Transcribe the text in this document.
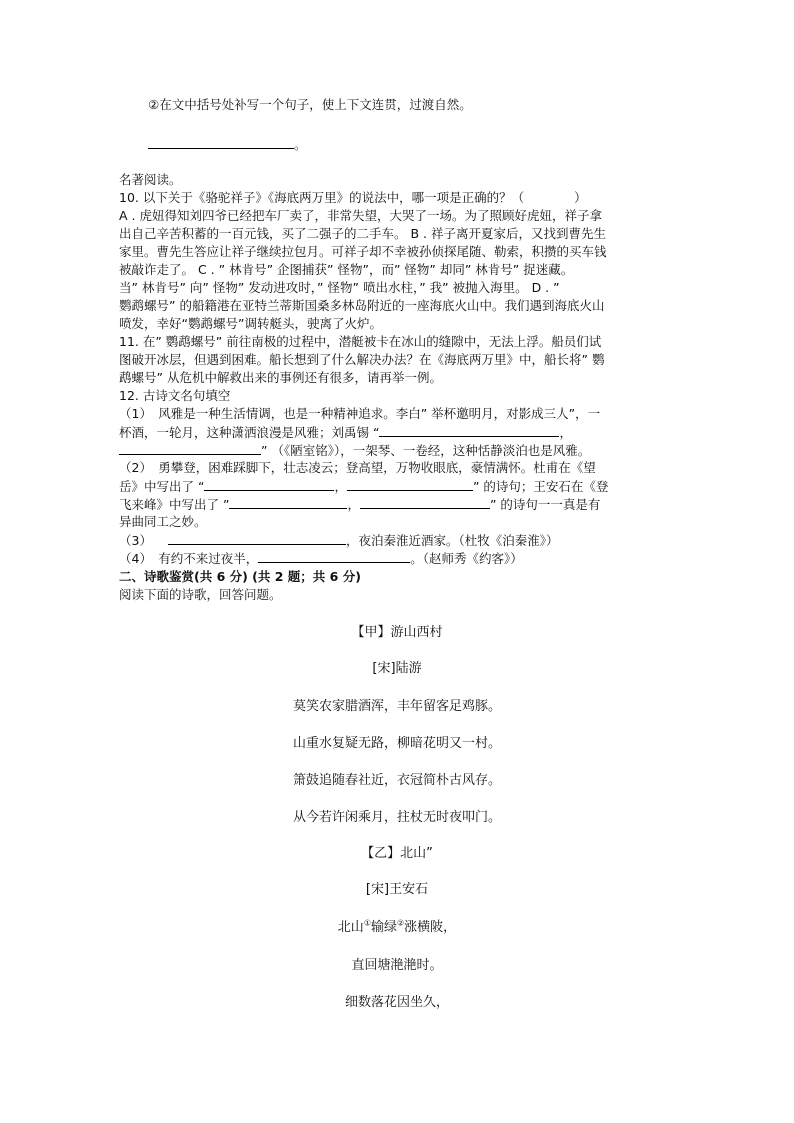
②在文中括号处补写一个句子，使上下文连贯，过渡自然。
。
名著阅读。
10. 以下关于《骆驼祥子》《海底两万里》的说法中，哪一项是正确的？（　　　　）
A . 虎妞得知刘四爷已经把车厂卖了，非常失望，大哭了一场。为了照顾好虎妞，祥子拿
出自己辛苦积蓄的一百元钱，买了二强子的二手车。 B . 祥子离开夏家后，又找到曹先生
家里。曹先生答应让祥子继续拉包月。可祥子却不幸被孙侦探尾随、勒索，积攒的买车钱
被敲诈走了。 C . ” 林肯号” 企图捕获” 怪物”，而” 怪物” 却同” 林肯号” 捉迷藏。
当” 林肯号” 向” 怪物” 发动进攻时，” 怪物” 喷出水柱，” 我” 被抛入海里。 D . ”
鹦鹉螺号” 的船籍港在亚特兰蒂斯国桑多林岛附近的一座海底火山中。我们遇到海底火山
喷发，幸好“鹦鹉螺号”调转艇头，驶离了火炉。
11. 在” 鹦鹉螺号” 前往南极的过程中，潜艇被卡在冰山的缝隙中，无法上浮。船员们试
图破开冰层，但遇到困难。船长想到了什么解决办法？在《海底两万里》中，船长将” 鹦
鹉螺号” 从危机中解救出来的事例还有很多，请再举一例。
12. 古诗文名句填空
（1）　风雅是一种生活情调，也是一种精神追求。李白” 举杯邀明月，对影成三人”，一
杯酒，一轮月，这种潇洒浪漫是风雅；刘禹锡 “	，
” （《陋室铭》），一架琴、一卷经，这种恬静淡泊也是风雅。
（2）　勇攀登，困难踩脚下，壮志凌云；登高望，万物收眼底，豪情满怀。杜甫在《望
岳》中写出了 “	，	” 的诗句；王安石在《登
飞来峰》中写出了 ”	，	” 的诗句一一真是有
异曲同工之妙。
（3）	，夜泊秦淮近酒家。（杜牧《泊秦淮》）
（4）　有约不来过夜半，	。（赵师秀《约客》）
二、诗歌鉴赏(共 6 分) (共 2 题；共 6 分)
阅读下面的诗歌，回答问题。
【甲】游山西村
[宋]陆游
莫笑农家腊酒浑，丰年留客足鸡豚。
山重水复疑无路，柳暗花明又一村。
箫鼓追随春社近，衣冠简朴古风存。
从今若许闲乘月，拄杖无时夜叩门。
【乙】北山”
[宋]王安石
北山①输绿②涨横陂，
直回塘滟滟时。
细数落花因坐久，
